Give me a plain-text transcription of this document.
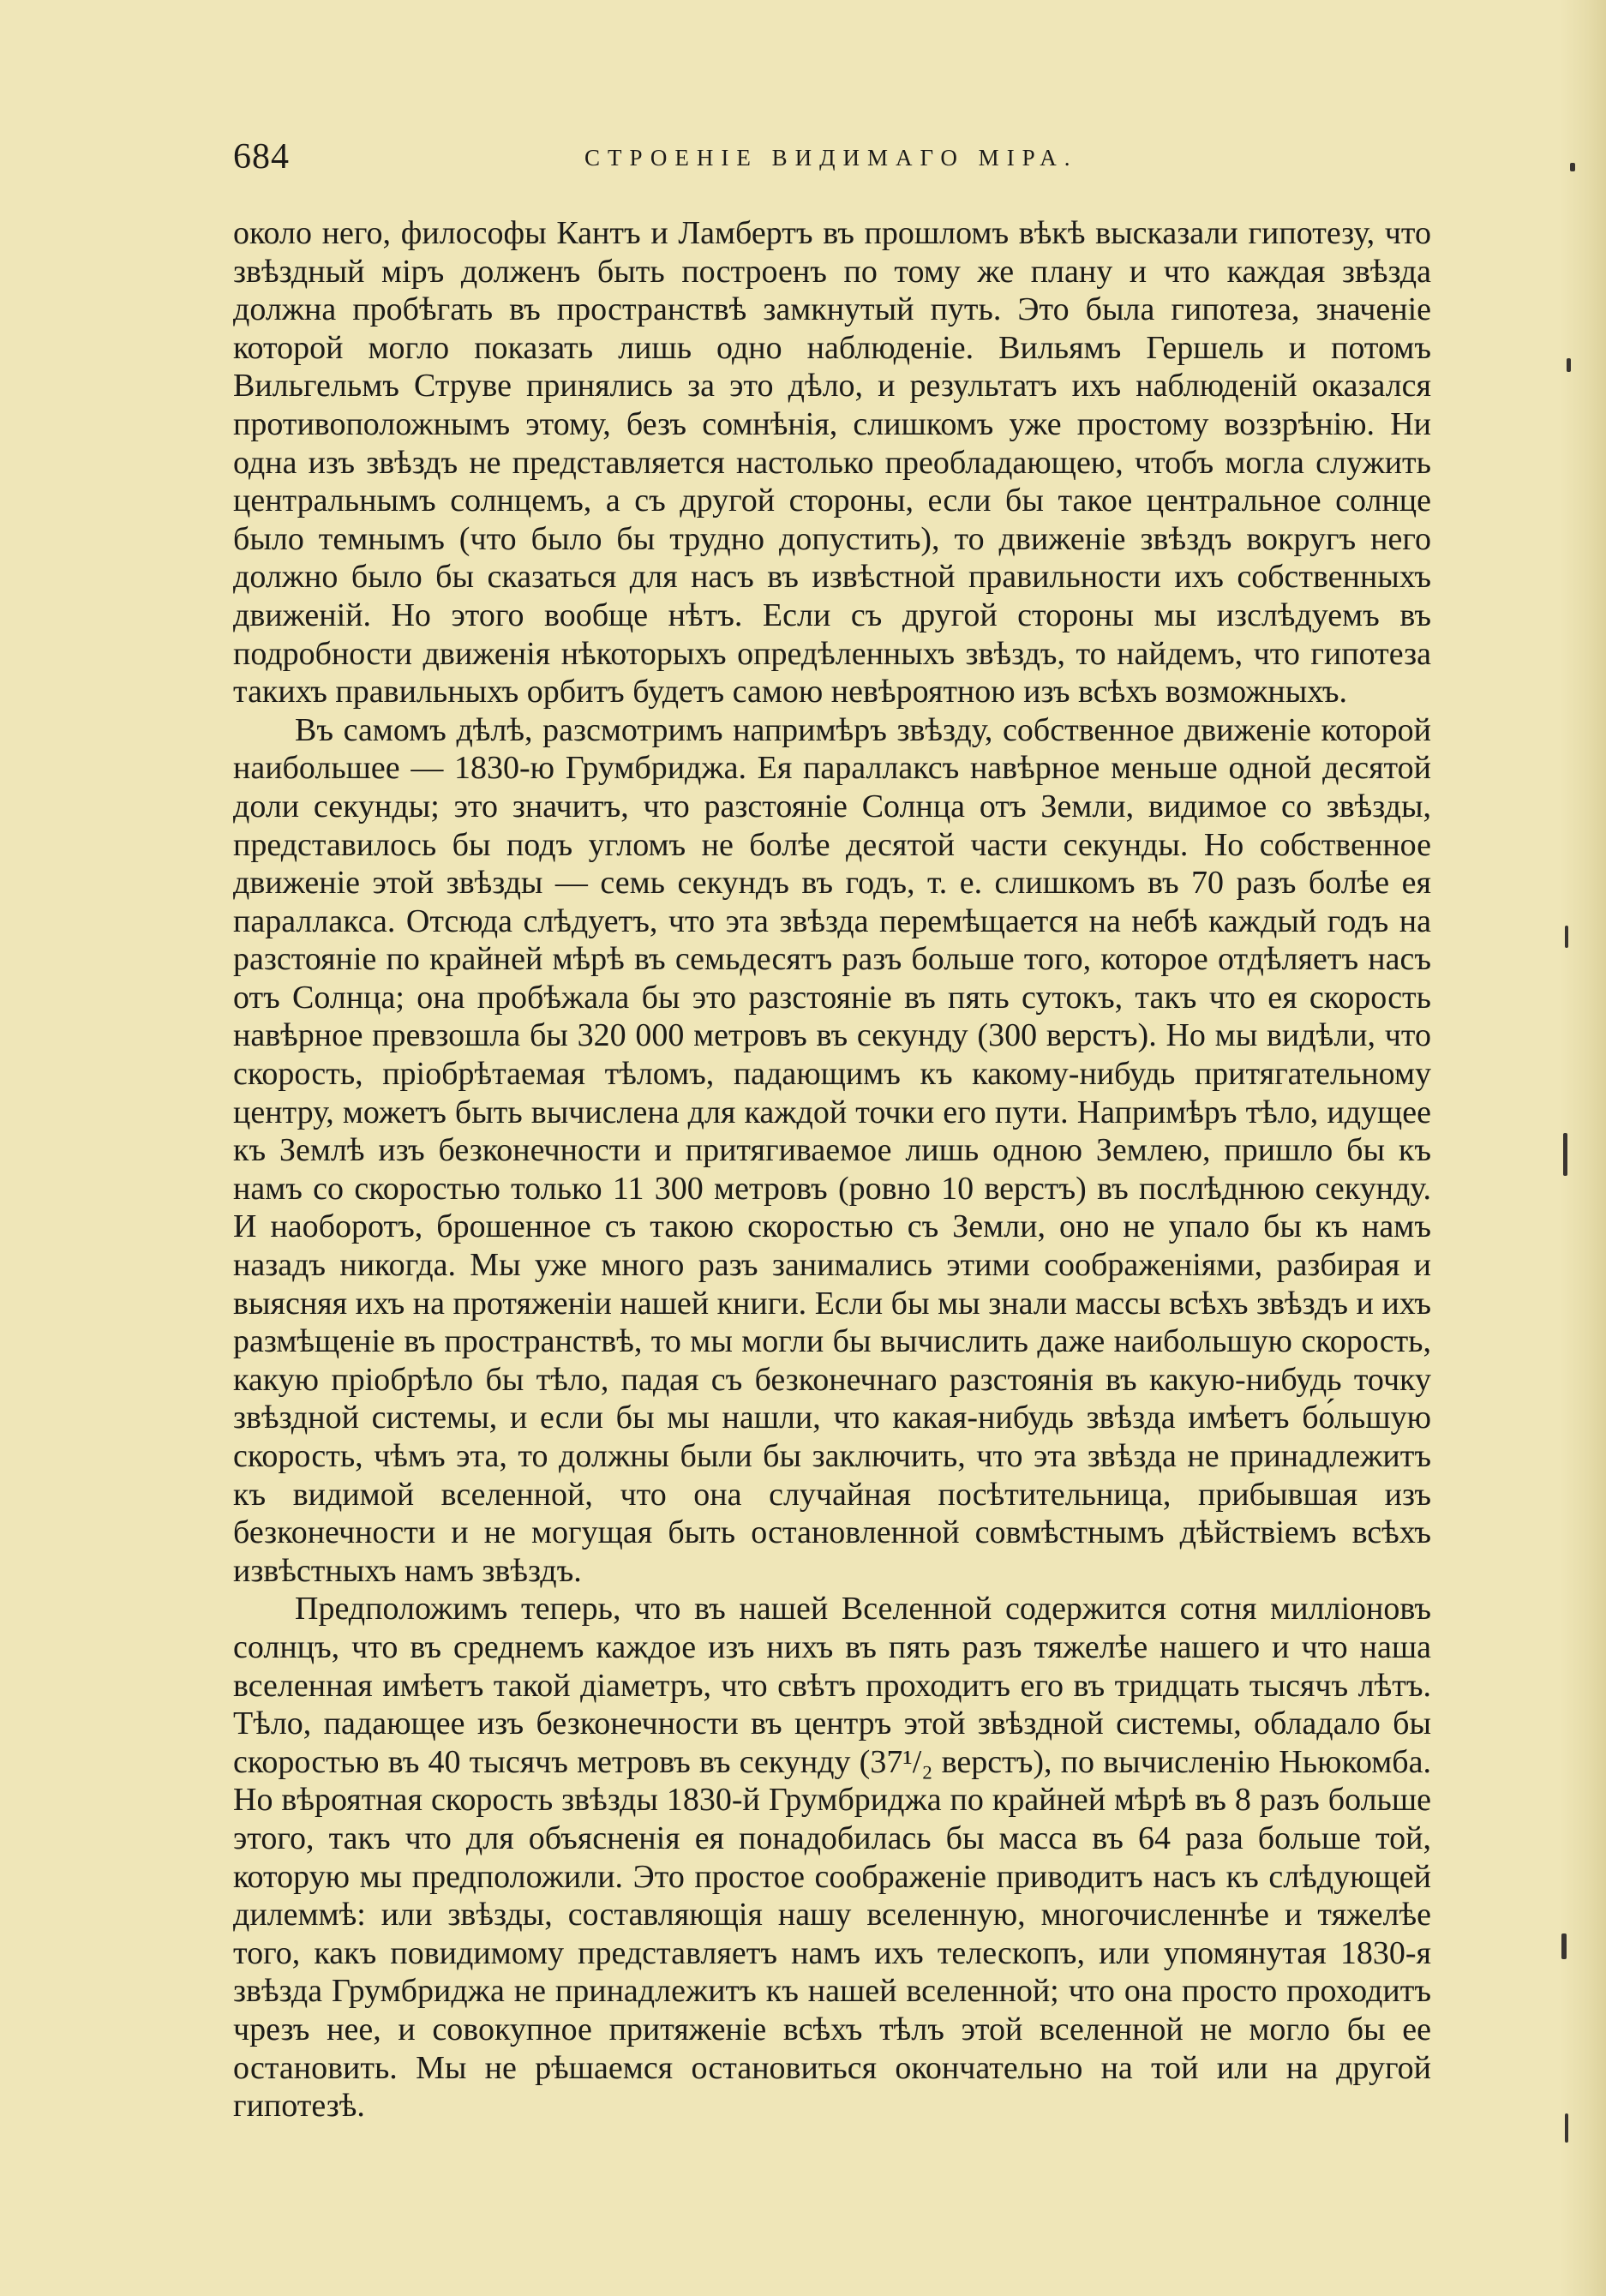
684	СТРОЕНІЕ ВИДИМАГО МІРА.

около него, философы Кантъ и Ламбертъ въ прошломъ вѣкѣ высказали гипотезу, что звѣздный міръ долженъ быть построенъ по тому же плану и что каждая звѣзда должна пробѣгать въ пространствѣ замкнутый путь. Это была гипотеза, значеніе которой могло показать лишь одно наблюденіе. Вильямъ Гершель и потомъ Вильгельмъ Струве принялись за это дѣло, и результатъ ихъ наблюденій оказался противоположнымъ этому, безъ сомнѣнія, слишкомъ уже простому воззрѣнію. Ни одна изъ звѣздъ не представляется настолько преобладающею, чтобъ могла служить центральнымъ солнцемъ, а съ другой стороны, если бы такое центральное солнце было темнымъ (что было бы трудно допустить), то движеніе звѣздъ вокругъ него должно было бы сказаться для насъ въ извѣстной правильности ихъ собственныхъ движеній. Но этого вообще нѣтъ. Если съ другой стороны мы изслѣдуемъ въ подробности движенія нѣкоторыхъ опредѣленныхъ звѣздъ, то найдемъ, что гипотеза такихъ правильныхъ орбитъ будетъ самою невѣроятною изъ всѣхъ возможныхъ.

Въ самомъ дѣлѣ, разсмотримъ напримѣръ звѣзду, собственное движеніе которой наибольшее — 1830-ю Грумбриджа. Ея параллаксъ навѣрное меньше одной десятой доли секунды; это значитъ, что разстояніе Солнца отъ Земли, видимое со звѣзды, представилось бы подъ угломъ не болѣе десятой части секунды. Но собственное движеніе этой звѣзды — семь секундъ въ годъ, т. е. слишкомъ въ 70 разъ болѣе ея параллакса. Отсюда слѣдуетъ, что эта звѣзда перемѣщается на небѣ каждый годъ на разстояніе по крайней мѣрѣ въ семьдесятъ разъ больше того, которое отдѣляетъ насъ отъ Солнца; она пробѣжала бы это разстояніе въ пять сутокъ, такъ что ея скорость навѣрное превзошла бы 320 000 метровъ въ секунду (300 верстъ). Но мы видѣли, что скорость, пріобрѣтаемая тѣломъ, падающимъ къ какому-нибудь притягательному центру, можетъ быть вычислена для каждой точки его пути. Напримѣръ тѣло, идущее къ Землѣ изъ безконечности и притягиваемое лишь одною Землею, пришло бы къ намъ со скоростью только 11 300 метровъ (ровно 10 верстъ) въ послѣднюю секунду. И наоборотъ, брошенное съ такою скоростью съ Земли, оно не упало бы къ намъ назадъ никогда. Мы уже много разъ занимались этими соображеніями, разбирая и выясняя ихъ на протяженіи нашей книги. Если бы мы знали массы всѣхъ звѣздъ и ихъ размѣщеніе въ пространствѣ, то мы могли бы вычислить даже наибольшую скорость, какую пріобрѣло бы тѣло, падая съ безконечнаго разстоянія въ какую-нибудь точку звѣздной системы, и если бы мы нашли, что какая-нибудь звѣзда имѣетъ бо́льшую скорость, чѣмъ эта, то должны были бы заключить, что эта звѣзда не принадлежитъ къ видимой вселенной, что она случайная посѣтительница, прибывшая изъ безконечности и не могущая быть остановленной совмѣстнымъ дѣйствіемъ всѣхъ извѣстныхъ намъ звѣздъ.

Предположимъ теперь, что въ нашей Вселенной содержится сотня милліоновъ солнцъ, что въ среднемъ каждое изъ нихъ въ пять разъ тяжелѣе нашего и что наша вселенная имѣетъ такой діаметръ, что свѣтъ проходитъ его въ тридцать тысячъ лѣтъ. Тѣло, падающее изъ безконечности въ центръ этой звѣздной системы, обладало бы скоростью въ 40 тысячъ метровъ въ секунду (37¹/₂ верстъ), по вычисленію Ньюкомба. Но вѣроятная скорость звѣзды 1830-й Грумбриджа по крайней мѣрѣ въ 8 разъ больше этого, такъ что для объясненія ея понадобилась бы масса въ 64 раза больше той, которую мы предположили. Это простое соображеніе приводитъ насъ къ слѣдующей дилеммѣ: или звѣзды, составляющія нашу вселенную, многочисленнѣе и тяжелѣе того, какъ повидимому представляетъ намъ ихъ телескопъ, или упомянутая 1830-я звѣзда Грумбриджа не принадлежитъ къ нашей вселенной; что она просто проходитъ чрезъ нее, и совокупное притяженіе всѣхъ тѣлъ этой вселенной не могло бы ее остановить. Мы не рѣшаемся остановиться окончательно на той или на другой гипотезѣ.
